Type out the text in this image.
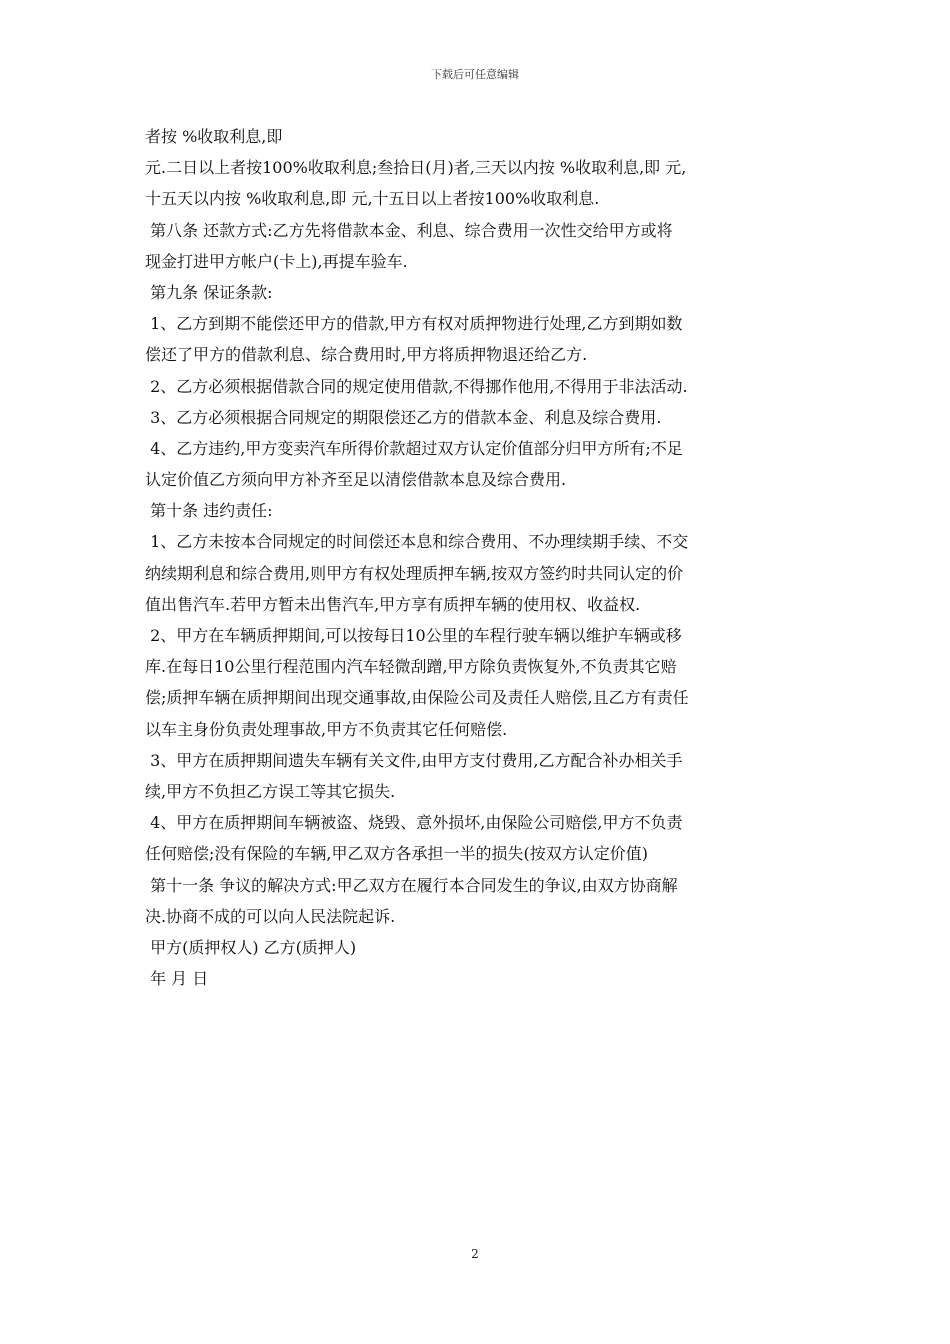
下载后可任意编辑
者按 %收取利息,即
元.二日以上者按100%收取利息;叁拾日(月)者,三天以内按 %收取利息,即 元,
十五天以内按 %收取利息,即 元,十五日以上者按100%收取利息.
第八条 还款方式:乙方先将借款本金、利息、综合费用一次性交给甲方或将
现金打进甲方帐户(卡上),再提车验车.
第九条 保证条款:
1、乙方到期不能偿还甲方的借款,甲方有权对质押物进行处理,乙方到期如数
偿还了甲方的借款利息、综合费用时,甲方将质押物退还给乙方.
2、乙方必须根据借款合同的规定使用借款,不得挪作他用,不得用于非法活动.
3、乙方必须根据合同规定的期限偿还乙方的借款本金、利息及综合费用.
4、乙方违约,甲方变卖汽车所得价款超过双方认定价值部分归甲方所有;不足
认定价值乙方须向甲方补齐至足以清偿借款本息及综合费用.
第十条 违约责任:
1、乙方未按本合同规定的时间偿还本息和综合费用、不办理续期手续、不交
纳续期利息和综合费用,则甲方有权处理质押车辆,按双方签约时共同认定的价
值出售汽车.若甲方暂未出售汽车,甲方享有质押车辆的使用权、收益权.
2、甲方在车辆质押期间,可以按每日10公里的车程行驶车辆以维护车辆或移
库.在每日10公里行程范围内汽车轻微刮蹭,甲方除负责恢复外,不负责其它赔
偿;质押车辆在质押期间出现交通事故,由保险公司及责任人赔偿,且乙方有责任
以车主身份负责处理事故,甲方不负责其它任何赔偿.
3、甲方在质押期间遗失车辆有关文件,由甲方支付费用,乙方配合补办相关手
续,甲方不负担乙方误工等其它损失.
4、甲方在质押期间车辆被盗、烧毁、意外损坏,由保险公司赔偿,甲方不负责
任何赔偿;没有保险的车辆,甲乙双方各承担一半的损失(按双方认定价值)
第十一条 争议的解决方式:甲乙双方在履行本合同发生的争议,由双方协商解
决.协商不成的可以向人民法院起诉.
甲方(质押权人) 乙方(质押人)
年 月 日
2
